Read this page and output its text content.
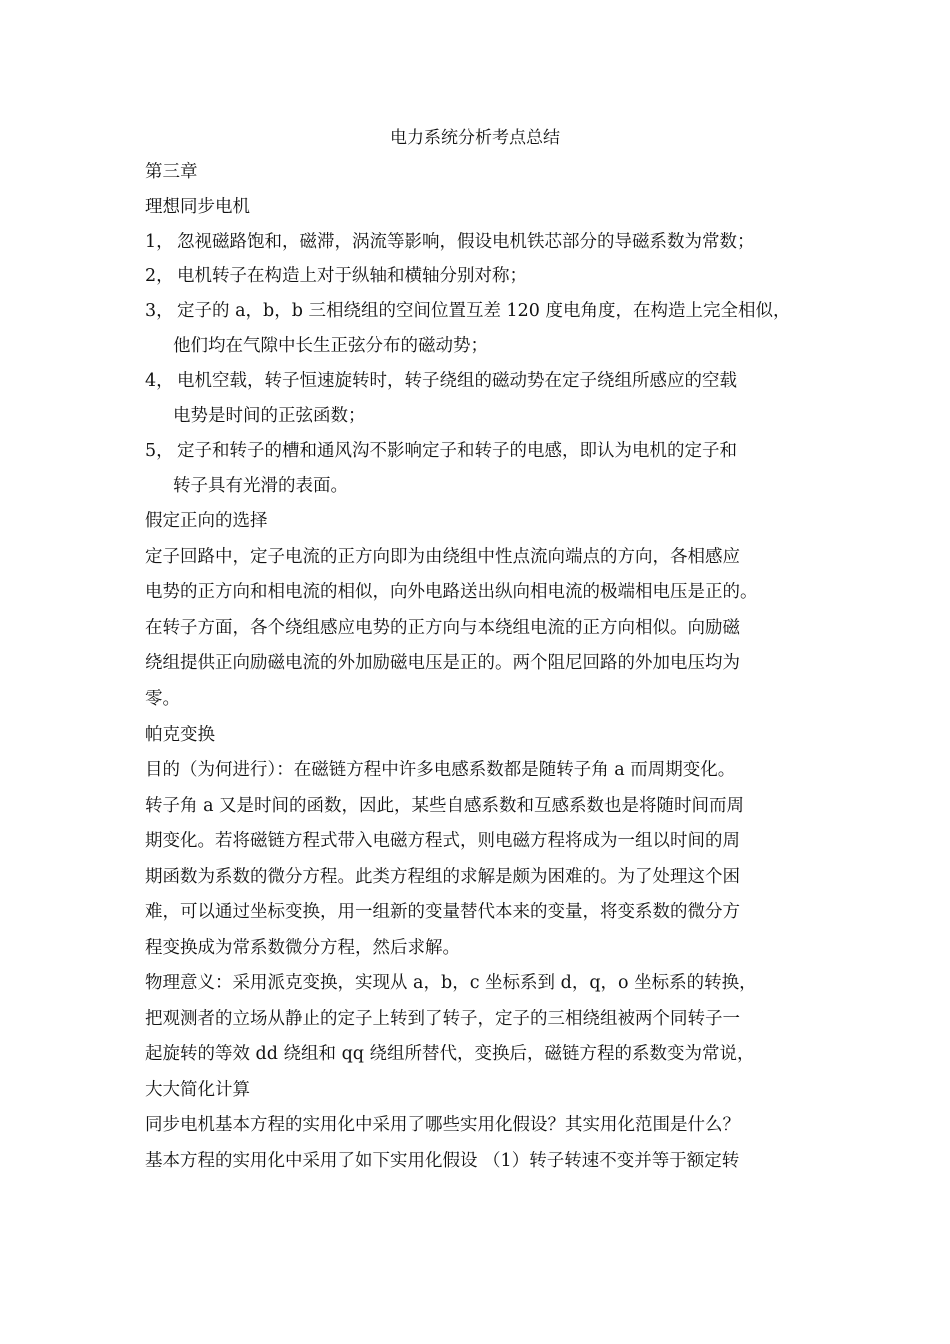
电力系统分析考点总结
第三章
理想同步电机
1， 忽视磁路饱和，磁滞，涡流等影响，假设电机铁芯部分的导磁系数为常数；
2， 电机转子在构造上对于纵轴和横轴分别对称；
3， 定子的 a，b，b 三相绕组的空间位置互差 120 度电角度，在构造上完全相似，
他们均在气隙中长生正弦分布的磁动势；
4， 电机空载，转子恒速旋转时，转子绕组的磁动势在定子绕组所感应的空载
电势是时间的正弦函数；
5， 定子和转子的槽和通风沟不影响定子和转子的电感，即认为电机的定子和
转子具有光滑的表面。
假定正向的选择
定子回路中，定子电流的正方向即为由绕组中性点流向端点的方向，各相感应
电势的正方向和相电流的相似，向外电路送出纵向相电流的极端相电压是正的。
在转子方面，各个绕组感应电势的正方向与本绕组电流的正方向相似。向励磁
绕组提供正向励磁电流的外加励磁电压是正的。两个阻尼回路的外加电压均为
零。
帕克变换
目的（为何进行）：在磁链方程中许多电感系数都是随转子角 a 而周期变化。
转子角 a 又是时间的函数，因此，某些自感系数和互感系数也是将随时间而周
期变化。若将磁链方程式带入电磁方程式，则电磁方程将成为一组以时间的周
期函数为系数的微分方程。此类方程组的求解是颇为困难的。为了处理这个困
难，可以通过坐标变换，用一组新的变量替代本来的变量，将变系数的微分方
程变换成为常系数微分方程，然后求解。
物理意义：采用派克变换，实现从 a，b，c 坐标系到 d，q，o 坐标系的转换，
把观测者的立场从静止的定子上转到了转子，定子的三相绕组被两个同转子一
起旋转的等效 dd 绕组和 qq 绕组所替代，变换后，磁链方程的系数变为常说，
大大简化计算
同步电机基本方程的实用化中采用了哪些实用化假设？其实用化范围是什么？
基本方程的实用化中采用了如下实用化假设 （1）转子转速不变并等于额定转
